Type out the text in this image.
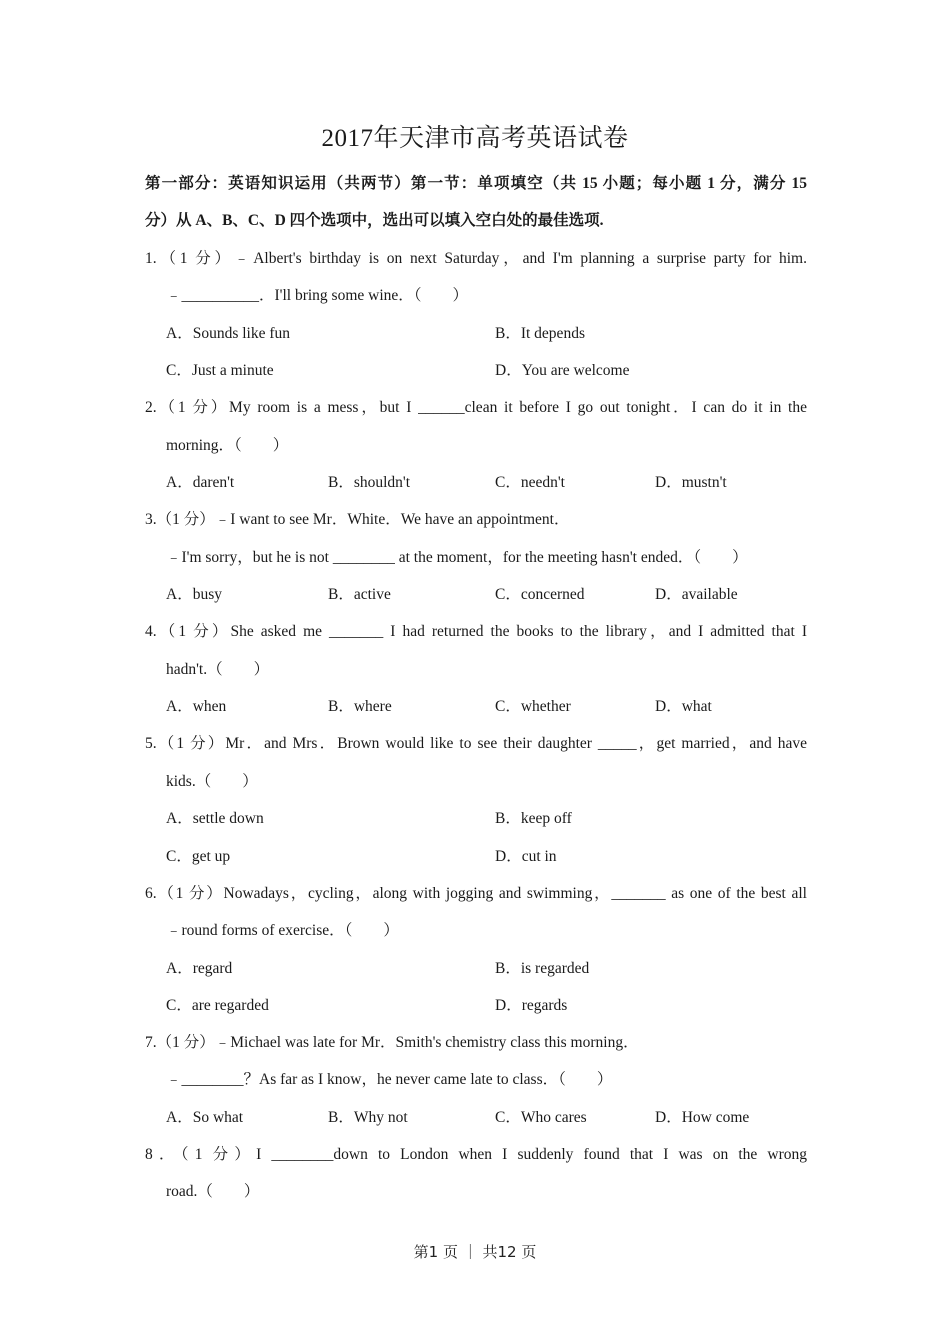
2017年天津市高考英语试卷
第一部分：英语知识运用（共两节）第一节：单项填空（共 15 小题；每小题 1 分，满分 15
分）从 A、B、C、D 四个选项中，选出可以填入空白处的最佳选项.
1.（1 分）﹣Albert's birthday is on next Saturday，and I'm planning a surprise party for him.
﹣__________．I'll bring some wine．（　　）
A．Sounds like fun	B．It depends
C．Just a minute	D．You are welcome
2.（1 分）My room is a mess，but I ______clean it before I go out tonight．I can do it in the
morning．（　　）
A．daren't	B．shouldn't	C．needn't	D．mustn't
3.（1 分）﹣I want to see Mr．White．We have an appointment．
﹣I'm sorry，but he is not ________ at the moment，for the meeting hasn't ended．（　　）
A．busy	B．active	C．concerned	D．available
4.（1 分）She asked me _______ I had returned the books to the library，and I admitted that I
hadn't.（　　）
A．when	B．where	C．whether	D．what
5.（1 分）Mr．and Mrs．Brown would like to see their daughter _____，get married，and have
kids.（　　）
A．settle down	B．keep off
C．get up	D．cut in
6.（1 分）Nowadays，cycling，along with jogging and swimming，_______ as one of the best all
﹣round forms of exercise．（　　）
A．regard	B．is regarded
C．are regarded	D．regards
7.（1 分）﹣Michael was late for Mr．Smith's chemistry class this morning．
﹣________？As far as I know，he never came late to class．（　　）
A．So what	B．Why not	C．Who cares	D．How come
8．（1 分）I ________down to London when I suddenly found that I was on the wrong
road.（　　）
第1 页 ｜ 共12 页
